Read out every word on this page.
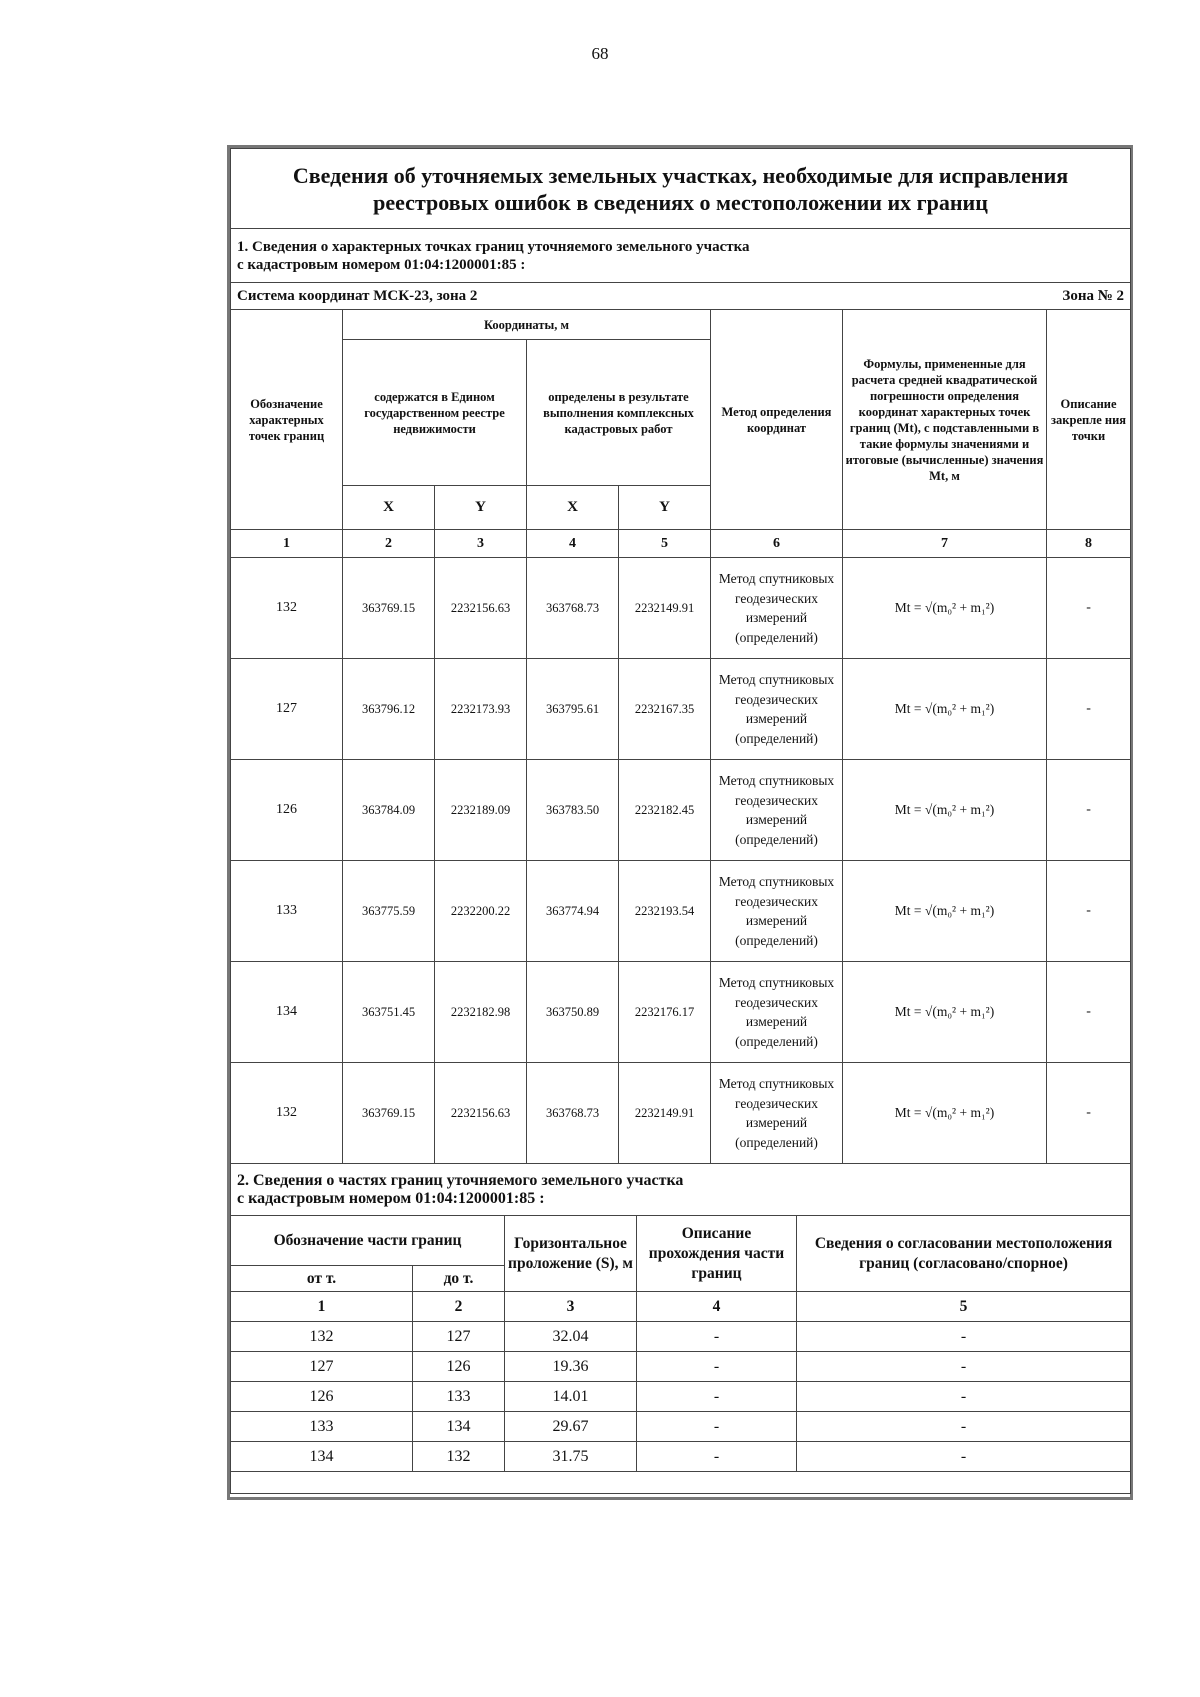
68
Сведения об уточняемых земельных участках, необходимые для исправления реестровых ошибок в сведениях о местоположении их границ							

1. Сведения о характерных точках границ уточняемого земельного участка
с кадастровым номером 01:04:1200001:85 :							

Система координат МСК-23, зона 2 Зона № 2							

Обозначение характерных точек границ	Координаты, м				Метод определения координат	Формулы, примененные для расчета средней квадратической погрешности определения координат характерных точек границ (Mt), с подставленными в такие формулы значениями и итоговые (вычисленные) значения Mt, м	Описание закрепле ния точки
	содержатся в Едином государственном реестре недвижимости		определены в результате выполнения комплексных кадастровых работ				
	X	Y	X	Y			
1	2	3	4	5	6	7	8
132	363769.15	2232156.63	363768.73	2232149.91	Метод спутниковых геодезических измерений (определений)	Mt = √(m₀² + m₁²)	-
127	363796.12	2232173.93	363795.61	2232167.35	Метод спутниковых геодезических измерений (определений)	Mt = √(m₀² + m₁²)	-
126	363784.09	2232189.09	363783.50	2232182.45	Метод спутниковых геодезических измерений (определений)	Mt = √(m₀² + m₁²)	-
133	363775.59	2232200.22	363774.94	2232193.54	Метод спутниковых геодезических измерений (определений)	Mt = √(m₀² + m₁²)	-
134	363751.45	2232182.98	363750.89	2232176.17	Метод спутниковых геодезических измерений (определений)	Mt = √(m₀² + m₁²)	-
132	363769.15	2232156.63	363768.73	2232149.91	Метод спутниковых геодезических измерений (определений)	Mt = √(m₀² + m₁²)	-
2. Сведения о частях границ уточняемого земельного участка
с кадастровым номером 01:04:1200001:85 :				

Обозначение части границ		Горизонтальное проложение (S), м	Описание прохождения части границ	Сведения о согласовании местоположения границ (согласовано/спорное)
от т.	до т.			
1	2	3	4	5
132	127	32.04	-	-
127	126	19.36	-	-
126	133	14.01	-	-
133	134	29.67	-	-
134	132	31.75	-	-
